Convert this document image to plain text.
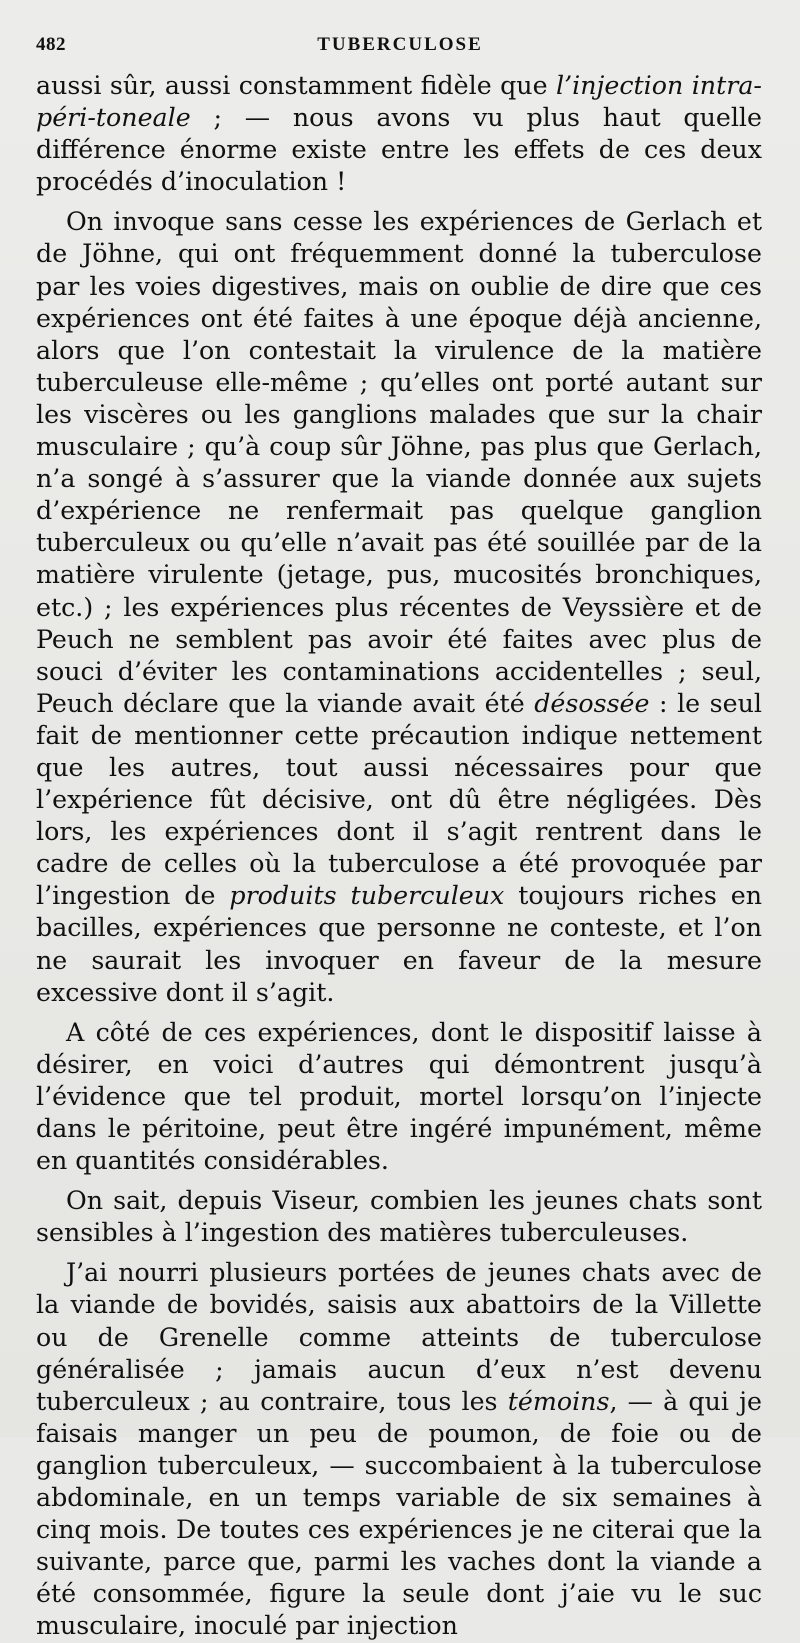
482	TUBERCULOSE

aussi sûr, aussi constamment fidèle que l’injection intra-péri-toneale ; — nous avons vu plus haut quelle différence énorme existe entre les effets de ces deux procédés d’inoculation !

On invoque sans cesse les expériences de Gerlach et de Jöhne, qui ont fréquemment donné la tuberculose par les voies digestives, mais on oublie de dire que ces expériences ont été faites à une époque déjà ancienne, alors que l’on contestait la virulence de la matière tuberculeuse elle-même ; qu’elles ont porté autant sur les viscères ou les ganglions malades que sur la chair musculaire ; qu’à coup sûr Jöhne, pas plus que Gerlach, n’a songé à s’assurer que la viande donnée aux sujets d’expérience ne renfermait pas quelque ganglion tuberculeux ou qu’elle n’avait pas été souillée par de la matière virulente (jetage, pus, mucosités bronchiques, etc.) ; les expériences plus récentes de Veyssière et de Peuch ne semblent pas avoir été faites avec plus de souci d’éviter les contaminations accidentelles ; seul, Peuch déclare que la viande avait été désossée : le seul fait de mentionner cette précaution indique nettement que les autres, tout aussi nécessaires pour que l’expérience fût décisive, ont dû être négligées. Dès lors, les expériences dont il s’agit rentrent dans le cadre de celles où la tuberculose a été provoquée par l’ingestion de produits tuberculeux toujours riches en bacilles, expériences que personne ne conteste, et l’on ne saurait les invoquer en faveur de la mesure excessive dont il s’agit.

A côté de ces expériences, dont le dispositif laisse à désirer, en voici d’autres qui démontrent jusqu’à l’évidence que tel produit, mortel lorsqu’on l’injecte dans le péritoine, peut être ingéré impunément, même en quantités considérables.

On sait, depuis Viseur, combien les jeunes chats sont sensibles à l’ingestion des matières tuberculeuses.

J’ai nourri plusieurs portées de jeunes chats avec de la viande de bovidés, saisis aux abattoirs de la Villette ou de Grenelle comme atteints de tuberculose généralisée ; jamais aucun d’eux n’est devenu tuberculeux ; au contraire, tous les témoins, — à qui je faisais manger un peu de poumon, de foie ou de ganglion tuberculeux, — succombaient à la tuberculose abdominale, en un temps variable de six semaines à cinq mois. De toutes ces expériences je ne citerai que la suivante, parce que, parmi les vaches dont la viande a été consommée, figure la seule dont j’aie vu le suc musculaire, inoculé par injection
